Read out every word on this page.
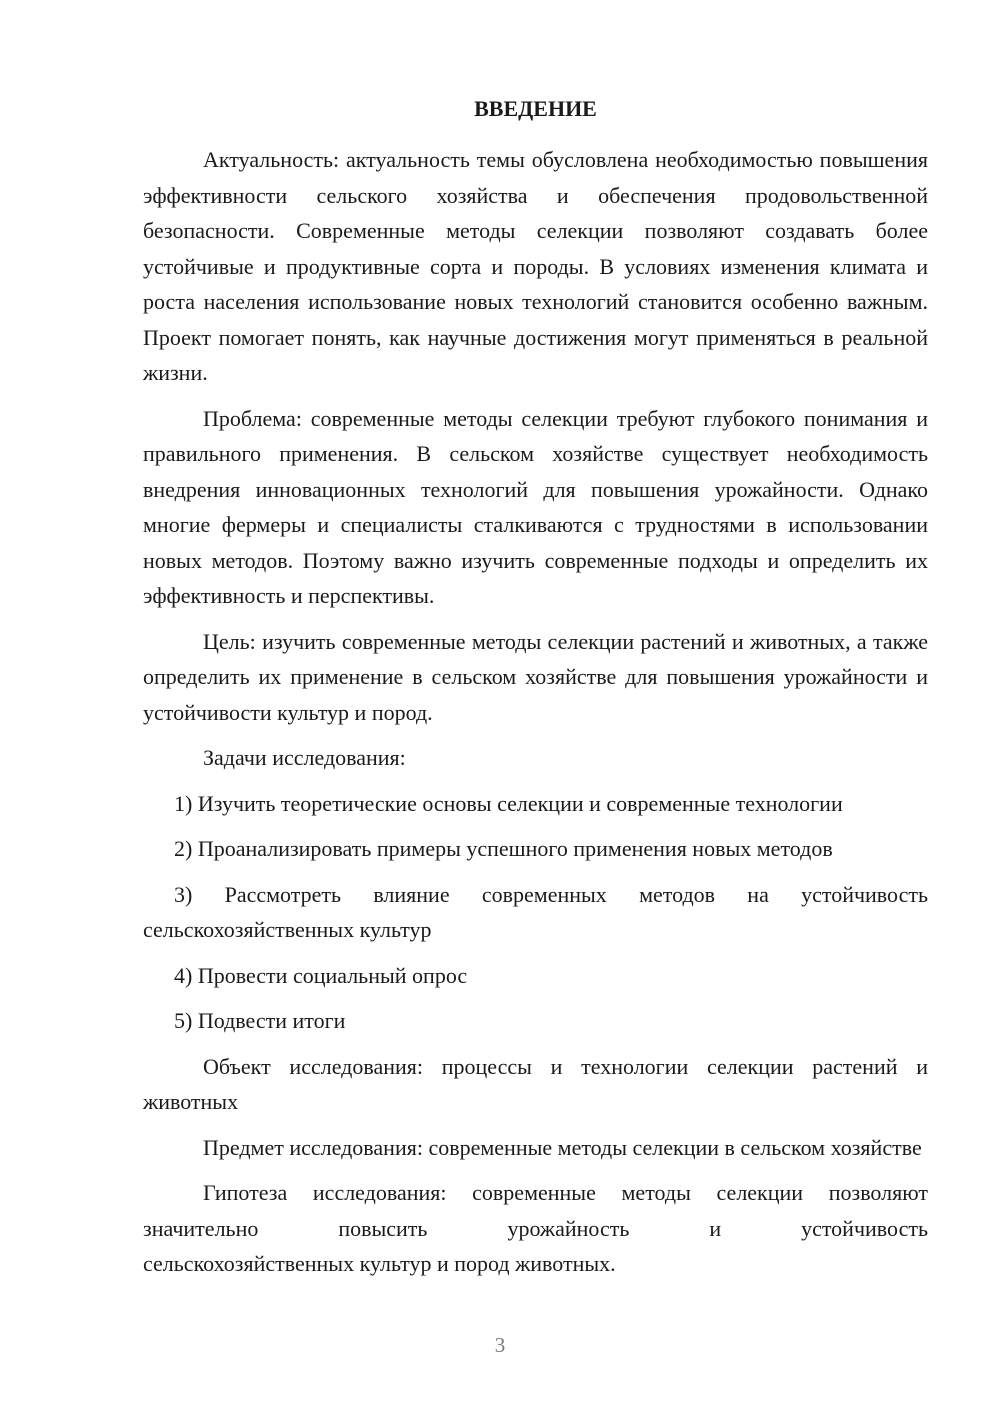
ВВЕДЕНИЕ

Актуальность: актуальность темы обусловлена необходимостью повышения эффективности сельского хозяйства и обеспечения продовольственной безопасности. Современные методы селекции позволяют создавать более устойчивые и продуктивные сорта и породы. В условиях изменения климата и роста населения использование новых технологий становится особенно важным. Проект помогает понять, как научные достижения могут применяться в реальной жизни.

Проблема: современные методы селекции требуют глубокого понимания и правильного применения. В сельском хозяйстве существует необходимость внедрения инновационных технологий для повышения урожайности. Однако многие фермеры и специалисты сталкиваются с трудностями в использовании новых методов. Поэтому важно изучить современные подходы и определить их эффективность и перспективы.

Цель: изучить современные методы селекции растений и животных, а также определить их применение в сельском хозяйстве для повышения урожайности и устойчивости культур и пород.

Задачи исследования:

1) Изучить теоретические основы селекции и современные технологии

2) Проанализировать примеры успешного применения новых методов

3) Рассмотреть влияние современных методов на устойчивость сельскохозяйственных культур

4) Провести социальный опрос

5) Подвести итоги

Объект исследования: процессы и технологии селекции растений и животных

Предмет исследования: современные методы селекции в сельском хозяйстве

Гипотеза исследования: современные методы селекции позволяют
значительно повысить урожайность и устойчивость
сельскохозяйственных культур и пород животных.
3
